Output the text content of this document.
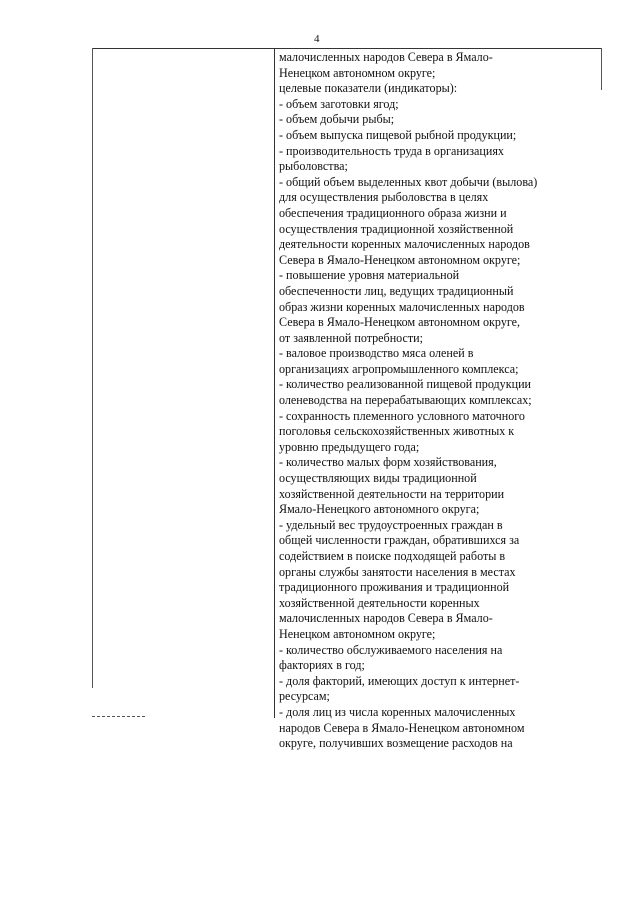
4
малочисленных народов Севера в Ямало-
Ненецком автономном округе;
целевые показатели (индикаторы):
- объем заготовки ягод;
- объем добычи рыбы;
- объем выпуска пищевой рыбной продукции;
- производительность труда в организациях
рыболовства;
- общий объем выделенных квот добычи (вылова)
для осуществления рыболовства в целях
обеспечения традиционного образа жизни и
осуществления традиционной хозяйственной
деятельности коренных малочисленных народов
Севера в Ямало-Ненецком автономном округе;
- повышение уровня материальной
обеспеченности лиц, ведущих традиционный
образ жизни коренных малочисленных народов
Севера в Ямало-Ненецком автономном округе,
от заявленной потребности;
- валовое производство мяса оленей в
организациях агропромышленного комплекса;
- количество реализованной пищевой продукции
оленеводства на перерабатывающих комплексах;
- сохранность племенного условного маточного
поголовья сельскохозяйственных животных к
уровню предыдущего года;
- количество малых форм хозяйствования,
осуществляющих виды традиционной
хозяйственной деятельности на территории
Ямало-Ненецкого автономного округа;
- удельный вес трудоустроенных граждан в
общей численности граждан, обратившихся за
содействием в поиске подходящей работы в
органы службы занятости населения в местах
традиционного проживания и традиционной
хозяйственной деятельности коренных
малочисленных народов Севера в Ямало-
Ненецком автономном округе;
- количество обслуживаемого населения на
факториях в год;
- доля факторий, имеющих доступ к интернет-
ресурсам;
- доля лиц из числа коренных малочисленных
народов Севера в Ямало-Ненецком автономном
округе, получивших возмещение расходов на
